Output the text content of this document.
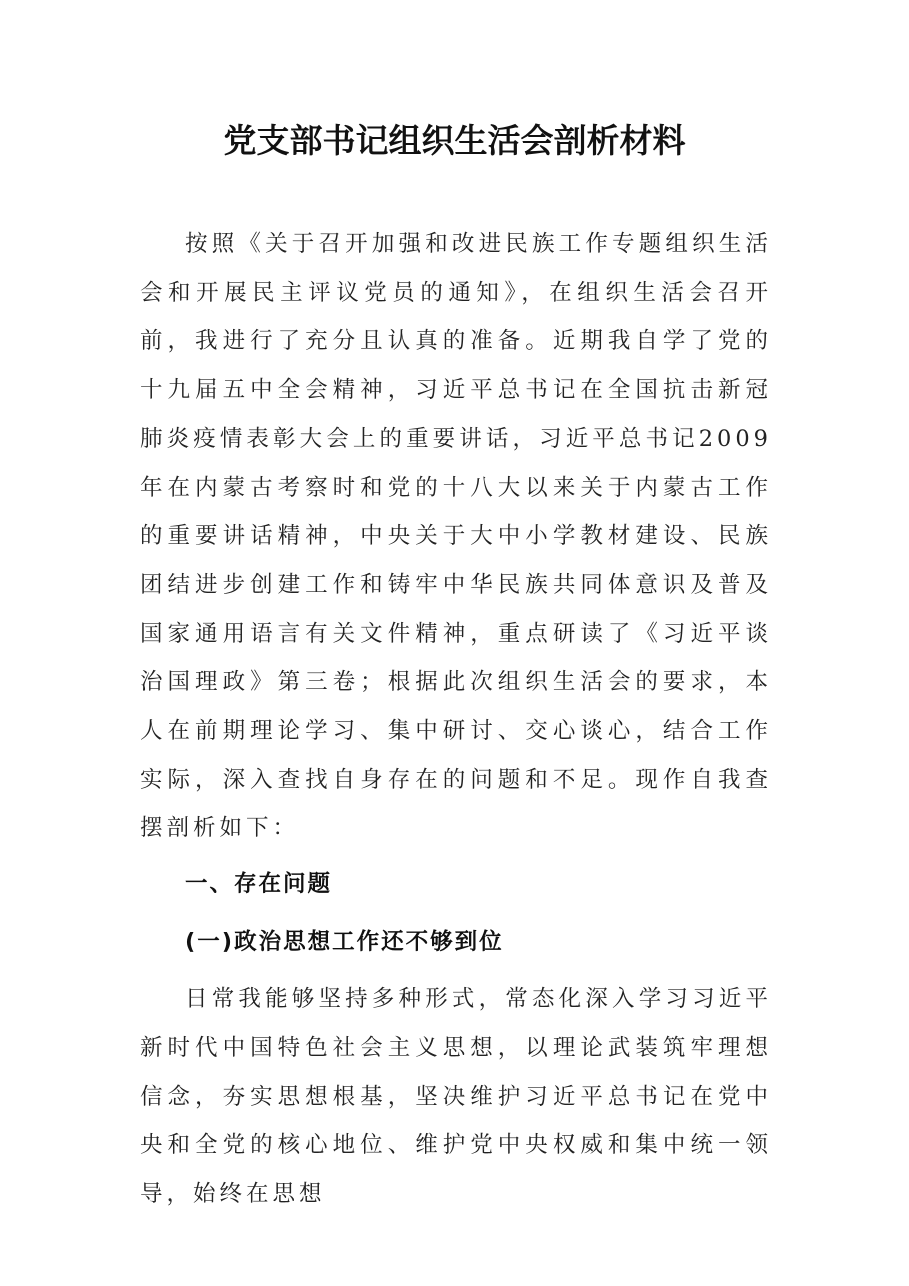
党支部书记组织生活会剖析材料

按照《关于召开加强和改进民族工作专题组织生活会和开展民主评议党员的通知》，在组织生活会召开前，我进行了充分且认真的准备。近期我自学了党的十九届五中全会精神，习近平总书记在全国抗击新冠肺炎疫情表彰大会上的重要讲话，习近平总书记2009年在内蒙古考察时和党的十八大以来关于内蒙古工作的重要讲话精神，中央关于大中小学教材建设、民族团结进步创建工作和铸牢中华民族共同体意识及普及国家通用语言有关文件精神，重点研读了《习近平谈治国理政》第三卷；根据此次组织生活会的要求，本人在前期理论学习、集中研讨、交心谈心，结合工作实际，深入查找自身存在的问题和不足。现作自我查摆剖析如下：

一、存在问题
(一)政治思想工作还不够到位

日常我能够坚持多种形式，常态化深入学习习近平新时代中国特色社会主义思想，以理论武装筑牢理想信念，夯实思想根基，坚决维护习近平总书记在党中央和全党的核心地位、维护党中央权威和集中统一领导，始终在思想
